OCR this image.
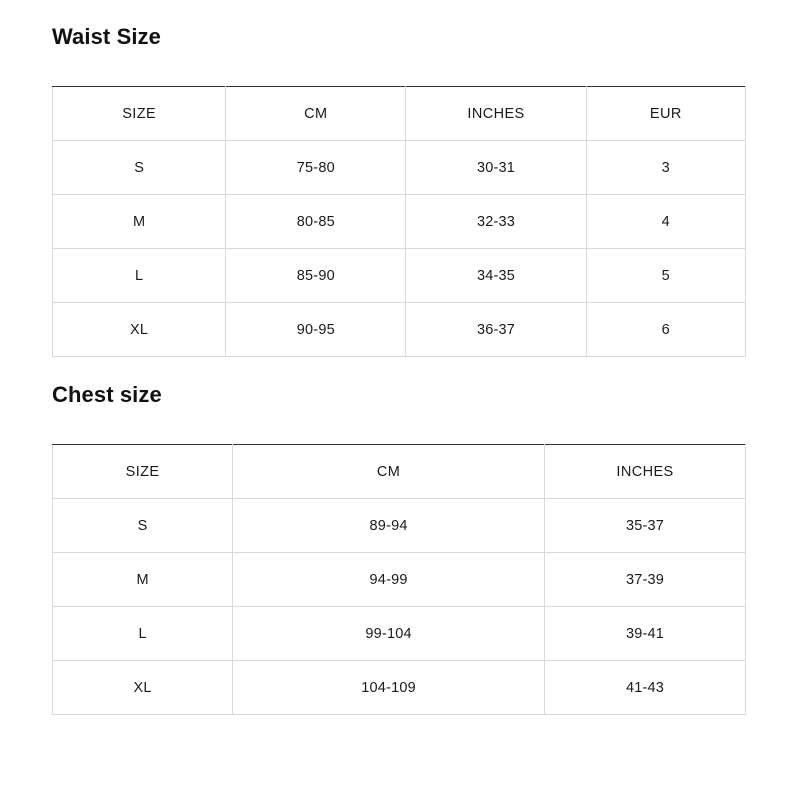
Waist Size
SIZE	CM	INCHES	EUR
S	75-80	30-31	3
M	80-85	32-33	4
L	85-90	34-35	5
XL	90-95	36-37	6
Chest size
SIZE	CM	INCHES
S	89-94	35-37
M	94-99	37-39
L	99-104	39-41
XL	104-109	41-43
